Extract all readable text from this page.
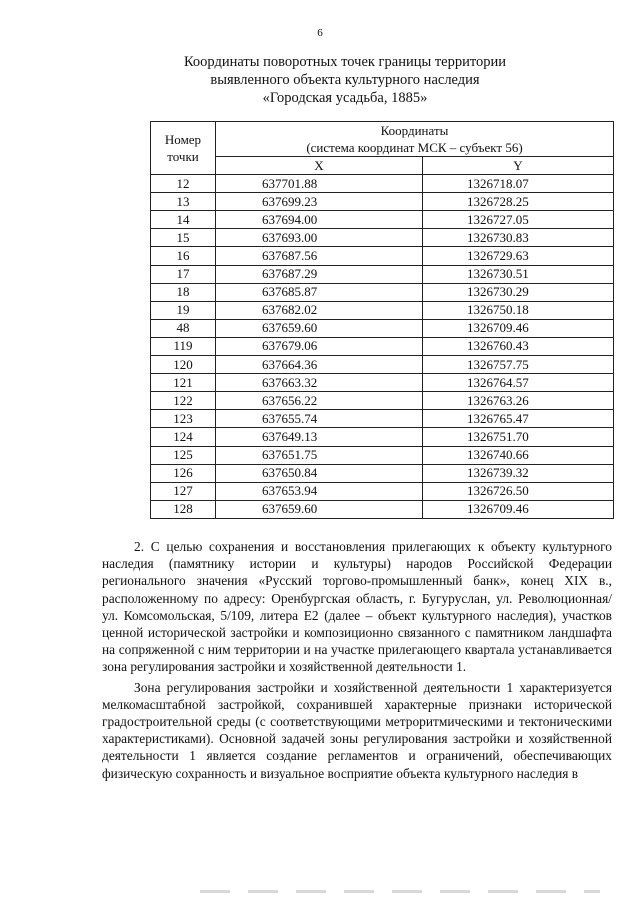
6
Координаты поворотных точек границы территории
выявленного объекта культурного наследия
«Городская усадьба, 1885»
Номер
точки	Координаты
(система координат МСК – субъект 56)	
	X	Y
12	637701.88	1326718.07
13	637699.23	1326728.25
14	637694.00	1326727.05
15	637693.00	1326730.83
16	637687.56	1326729.63
17	637687.29	1326730.51
18	637685.87	1326730.29
19	637682.02	1326750.18
48	637659.60	1326709.46
119	637679.06	1326760.43
120	637664.36	1326757.75
121	637663.32	1326764.57
122	637656.22	1326763.26
123	637655.74	1326765.47
124	637649.13	1326751.70
125	637651.75	1326740.66
126	637650.84	1326739.32
127	637653.94	1326726.50
128	637659.60	1326709.46

2. С целью сохранения и восстановления прилегающих к объекту культурного наследия (памятнику истории и культуры) народов Российской Федерации регионального значения «Русский торгово-промышленный банк», конец XIX в., расположенному по адресу: Оренбургская область, г. Бугуруслан, ул. Революционная/ ул. Комсомольская, 5/109, литера Е2 (далее – объект культурного наследия), участков ценной исторической застройки и композиционно связанного с памятником ландшафта на сопряженной с ним территории и на участке прилегающего квартала устанавливается зона регулирования застройки и хозяйственной деятельности 1.

Зона регулирования застройки и хозяйственной деятельности 1 характеризуется мелкомасштабной застройкой, сохранившей характерные признаки исторической градостроительной среды (с соответствующими метроритмическими и тектоническими характеристиками). Основной задачей зоны регулирования застройки и хозяйственной деятельности 1 является создание регламентов и ограничений, обеспечивающих физическую сохранность и визуальное восприятие объекта культурного наследия в
